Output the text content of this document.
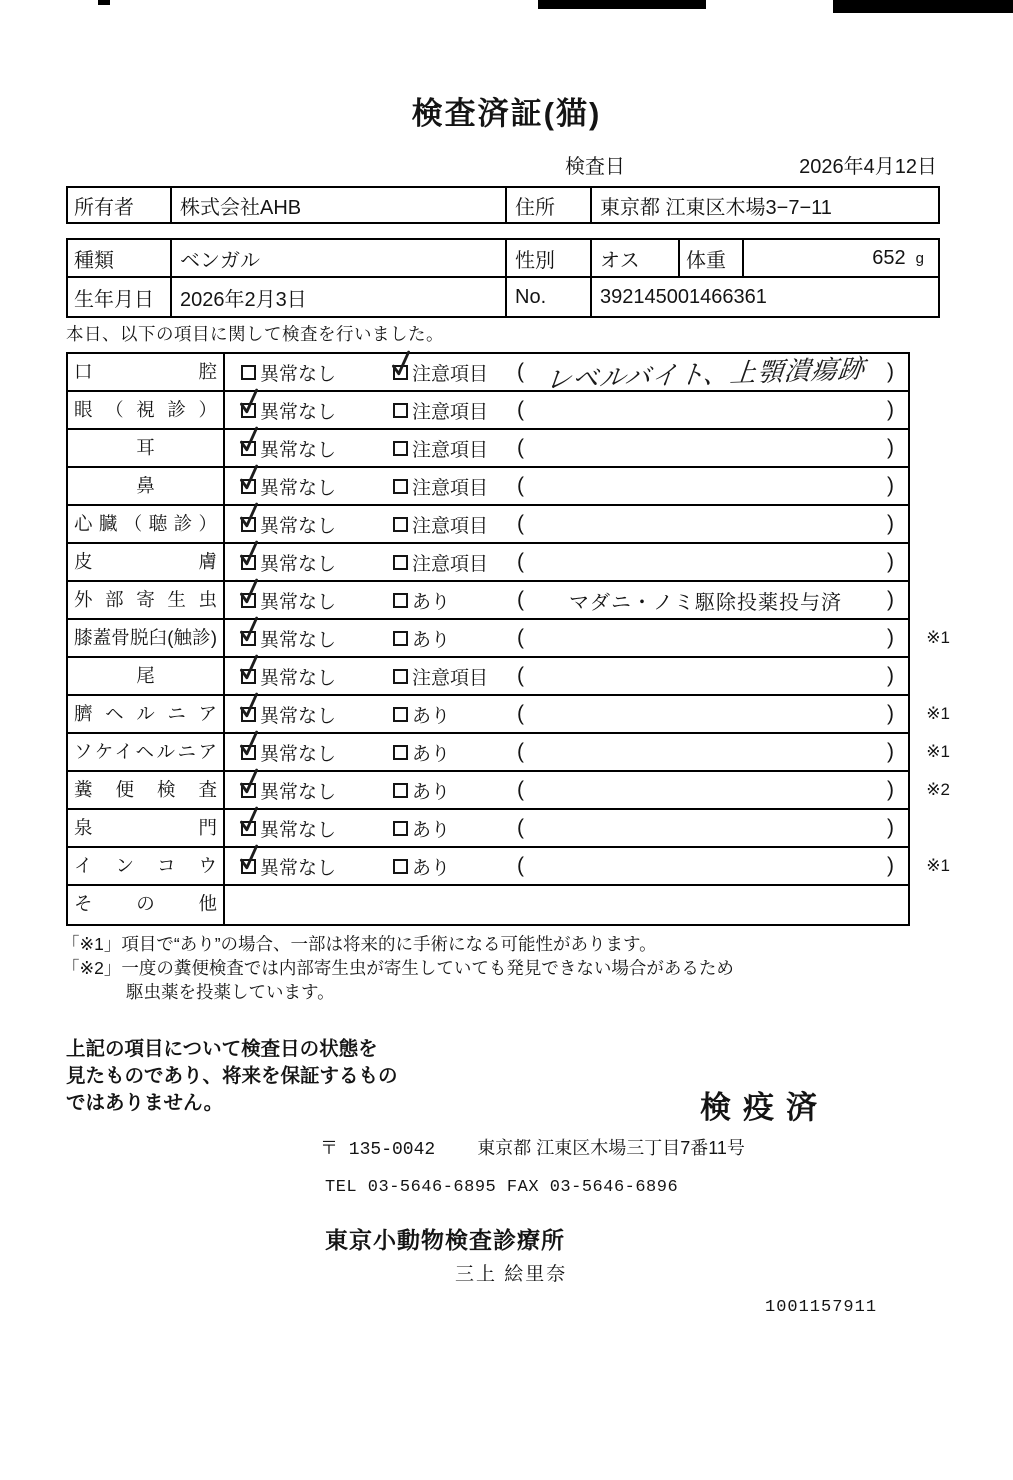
検査済証(猫)
検査日	2026年4月12日
所有者	株式会社AHB	住所	東京都 江東区木場3−7−11
種類	ベンガル	性別	オス	体重	652 g
生年月日	2026年2月3日	No.	392145001466361
本日、以下の項目に関して検査を行いました。
口腔	異常なし	注意項目 ( レベルバイト、上顎潰瘍跡 )
眼（視診）	異常なし	注意項目 (	)
耳	異常なし	注意項目 (	)
鼻	異常なし	注意項目 (	)
心臓（聴診）	異常なし	注意項目 (	)
皮膚	異常なし	注意項目 (	)
外部寄生虫	異常なし	あり	(	マダニ・ノミ駆除投薬投与済	)
膝蓋骨脱臼(触診)	異常なし	あり	(	) ※1
尾	異常なし	注意項目 (	)
臍ヘルニア	異常なし	あり	(	) ※1
ソケイヘルニア	異常なし	あり	(	) ※1
糞便検査	異常なし	あり	(	) ※2
泉門	異常なし	あり	(	)
インコウ	異常なし	あり	(	) ※1
その他
「※1」項目で“あり”の場合、一部は将来的に手術になる可能性があります。
「※2」一度の糞便検査では内部寄生虫が寄生していても発見できない場合があるため
駆虫薬を投薬しています。
上記の項目について検査日の状態を
見たものであり、将来を保証するもの
ではありません。	検疫済
〒 135-0042 東京都 江東区木場三丁目7番11号
TEL 03-5646-6895 FAX 03-5646-6896
東京小動物検査診療所
三上 絵里奈
1001157911
